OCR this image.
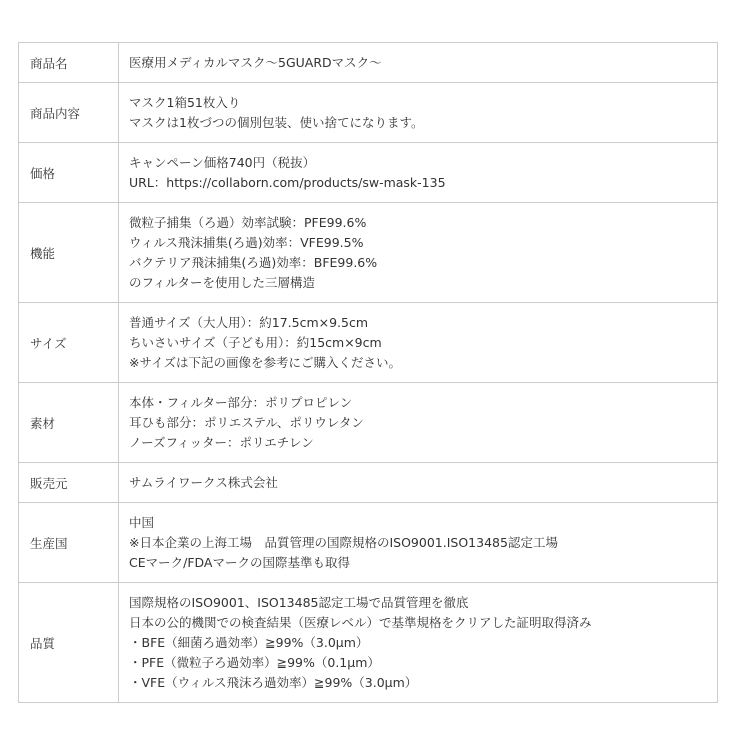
商品名	医療用メディカルマスク〜5GUARDマスク〜

商品内容	マスク1箱51枚入り
マスクは1枚づつの個別包装、使い捨てになります。

価格	キャンペーン価格740円（税抜）
URL：https://collaborn.com/products/sw-mask-135

機能	微粒子捕集（ろ過）効率試験：PFE99.6%
ウィルス飛沫捕集(ろ過)効率：VFE99.5%
バクテリア飛沫捕集(ろ過)効率：BFE99.6%
のフィルターを使用した三層構造

サイズ	普通サイズ（大人用）：約17.5cm×9.5cm
ちいさいサイズ（子ども用）：約15cm×9cm
※サイズは下記の画像を参考にご購入ください。

素材	本体・フィルター部分：ポリプロピレン
耳ひも部分：ポリエステル、ポリウレタン
ノーズフィッター：ポリエチレン

販売元	サムライワークス株式会社

生産国	中国
※日本企業の上海工場　品質管理の国際規格のISO9001.ISO13485認定工場
CEマーク/FDAマークの国際基準も取得

品質	国際規格のISO9001、ISO13485認定工場で品質管理を徹底
日本の公的機関での検査結果（医療レベル）で基準規格をクリアした証明取得済み
・BFE（細菌ろ過効率）≧99%（3.0μm）
・PFE（微粒子ろ過効率）≧99%（0.1μm）
・VFE（ウィルス飛沫ろ過効率）≧99%（3.0μm）
